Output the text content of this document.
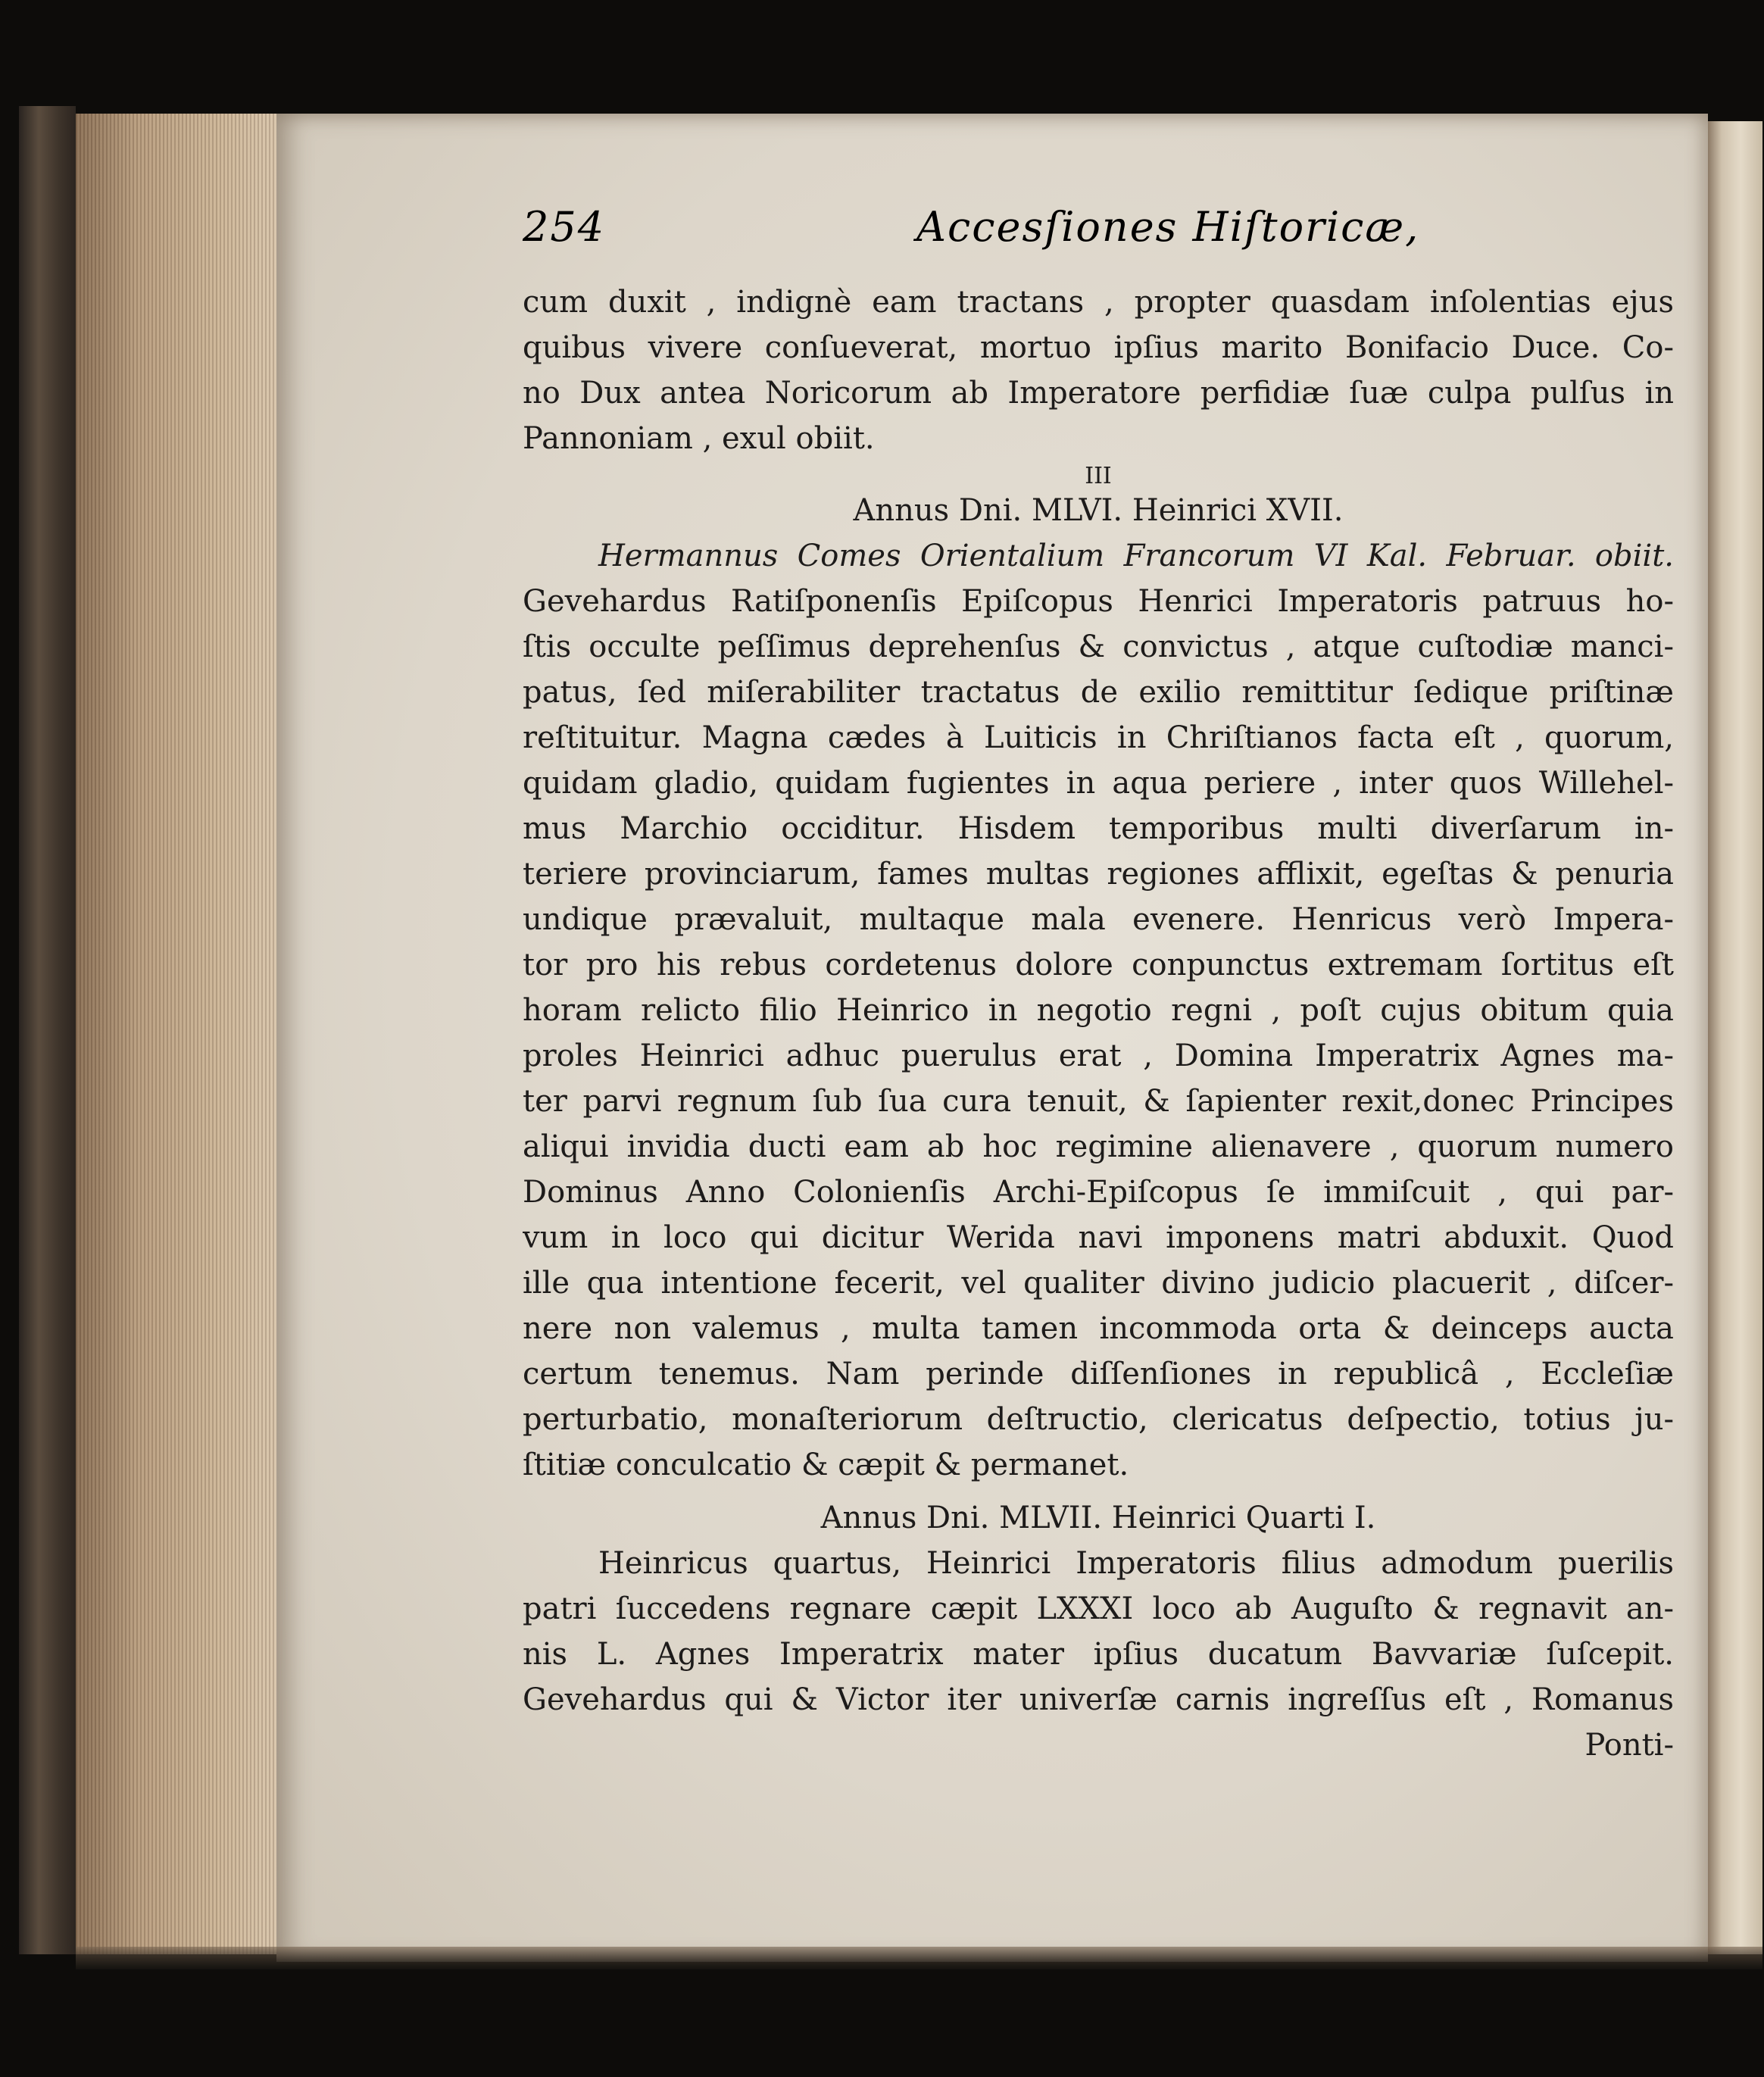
254	Accesſiones Hiſtoricæ,
cum duxit , indignè eam tractans , propter quasdam inſolentias ejus
quibus vivere conſueverat, mortuo ipſius marito Bonifacio Duce. Co-
no Dux antea Noricorum ab Imperatore perfidiæ ſuæ culpa pulſus in
Pannoniam , exul obiit.
III
Annus Dni. MLVI. Heinrici XVII.
Hermannus Comes Orientalium Francorum VI Kal. Februar. obiit.
Gevehardus Ratiſponenſis Epiſcopus Henrici Imperatoris patruus ho-
ſtis occulte peſſimus deprehenſus & convictus , atque cuſtodiæ manci-
patus, ſed miſerabiliter tractatus de exilio remittitur ſedique priſtinæ
reſtituitur. Magna cædes à Luiticis in Chriſtianos facta eſt , quorum,
quidam gladio, quidam fugientes in aqua periere , inter quos Willehel-
mus Marchio occiditur. Hisdem temporibus multi diverſarum in-
teriere provinciarum, fames multas regiones afflixit, egeſtas & penuria
undique prævaluit, multaque mala evenere. Henricus verò Impera-
tor pro his rebus cordetenus dolore conpunctus extremam ſortitus eſt
horam relicto filio Heinrico in negotio regni , poſt cujus obitum quia
proles Heinrici adhuc puerulus erat , Domina Imperatrix Agnes ma-
ter parvi regnum ſub ſua cura tenuit, & ſapienter rexit,donec Principes
aliqui invidia ducti eam ab hoc regimine alienavere , quorum numero
Dominus Anno Colonienſis Archi-Epiſcopus ſe immiſcuit , qui par-
vum in loco qui dicitur Werida navi imponens matri abduxit. Quod
ille qua intentione fecerit, vel qualiter divino judicio placuerit , diſcer-
nere non valemus , multa tamen incommoda orta & deinceps aucta
certum tenemus. Nam perinde diſſenſiones in republicâ , Eccleſiæ
perturbatio, monaſteriorum deſtructio, clericatus deſpectio, totius ju-
ſtitiæ conculcatio & cæpit & permanet.
Annus Dni. MLVII. Heinrici Quarti I.
Heinricus quartus, Heinrici Imperatoris filius admodum puerilis
patri ſuccedens regnare cæpit LXXXI loco ab Auguſto & regnavit an-
nis L. Agnes Imperatrix mater ipſius ducatum Bavvariæ ſuſcepit.
Gevehardus qui & Victor iter univerſæ carnis ingreſſus eſt , Romanus
Ponti-
